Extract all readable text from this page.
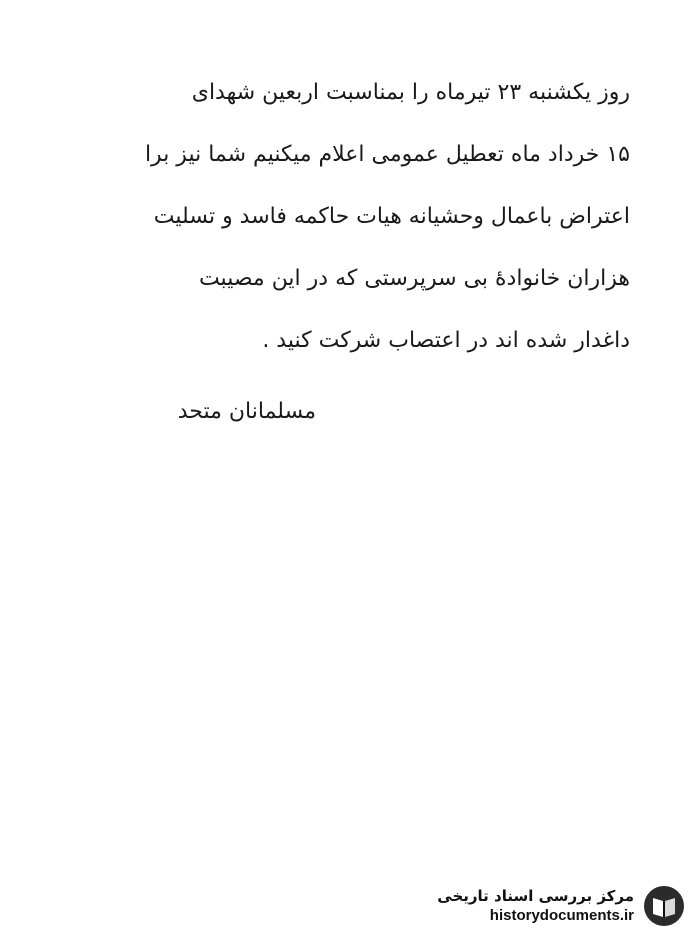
روز یکشنبه ۲۳ تیرماه را بمناسبت اربعین شهدای
۱۵ خرداد ماه تعطیل عمومی اعلام میکنیم شما نیز برا
اعتراض باعمال وحشیانه هیات حاکمه فاسد و تسلیت
هزاران خانوادهٔ بی سرپرستی که در این مصیبت
داغدار شده اند در اعتصاب شرکت کنید .
مسلمانان متحد
مرکز بررسی اسناد تاریخی
historydocuments.ir
